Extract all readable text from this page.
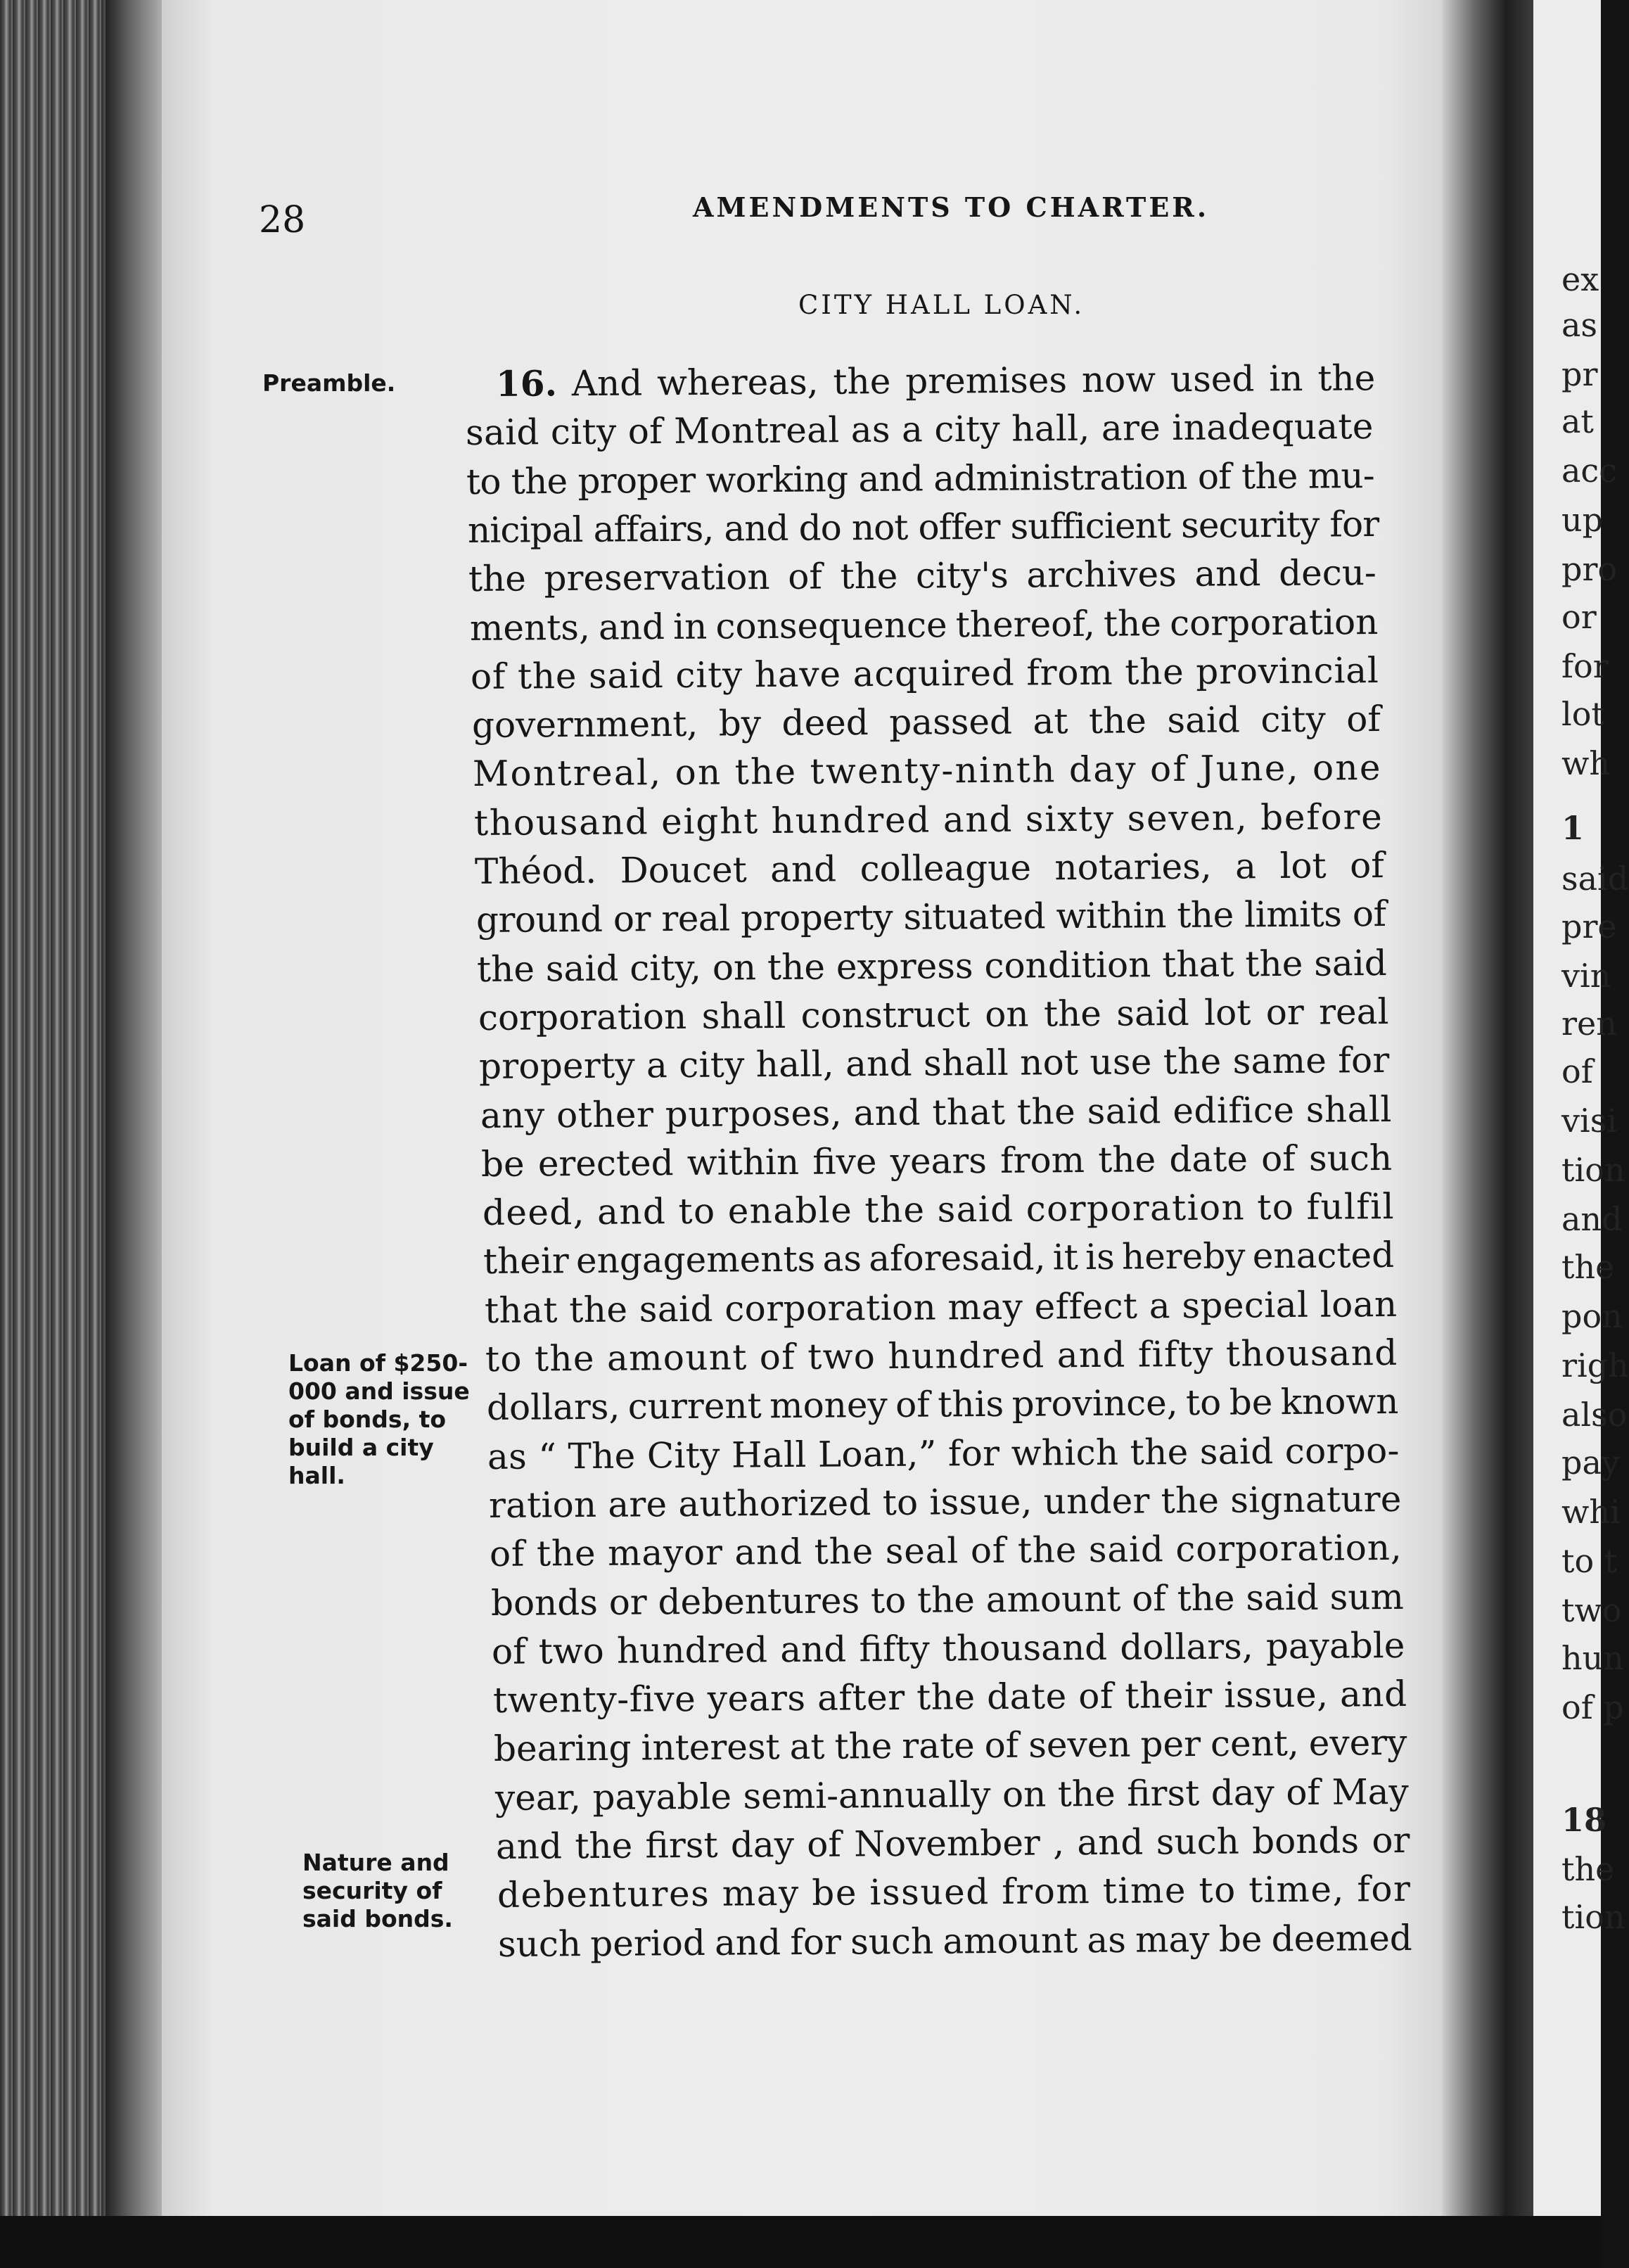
ex
as
pr
at
acc
up
pro
or
for
lot
wh
1
said
pre
vin
ren
of
visi
tion
and
the
pon
righ
also
pay
whi
to t
two
hun
of p
18
the
tion
28	AMENDMENTS TO CHARTER.
CITY HALL LOAN.
Preamble.
Loan of $250-
000 and issue
of bonds, to
build a city
hall.
Nature and
security of
said bonds.
16. And whereas, the premises now used in the
said city of Montreal as a city hall, are inadequate
to the proper working and administration of the mu-
nicipal affairs, and do not offer sufficient security for
the preservation of the city's archives and decu-
ments, and in consequence thereof, the corporation
of the said city have acquired from the provincial
government, by deed passed at the said city of
Montreal, on the twenty-ninth day of June, one
thousand eight hundred and sixty seven, before
Théod. Doucet and colleague notaries, a lot of
ground or real property situated within the limits of
the said city, on the express condition that the said
corporation shall construct on the said lot or real
property a city hall, and shall not use the same for
any other purposes, and that the said edifice shall
be erected within five years from the date of such
deed, and to enable the said corporation to fulfil
their engagements as aforesaid, it is hereby enacted
that the said corporation may effect a special loan
to the amount of two hundred and fifty thousand
dollars, current money of this province, to be known
as “ The City Hall Loan,” for which the said corpo-
ration are authorized to issue, under the signature
of the mayor and the seal of the said corporation,
bonds or debentures to the amount of the said sum
of two hundred and fifty thousand dollars, payable
twenty-five years after the date of their issue, and
bearing interest at the rate of seven per cent, every
year, payable semi-annually on the first day of May
and the first day of November , and such bonds or
debentures may be issued from time to time, for
such period and for such amount as may be deemed
